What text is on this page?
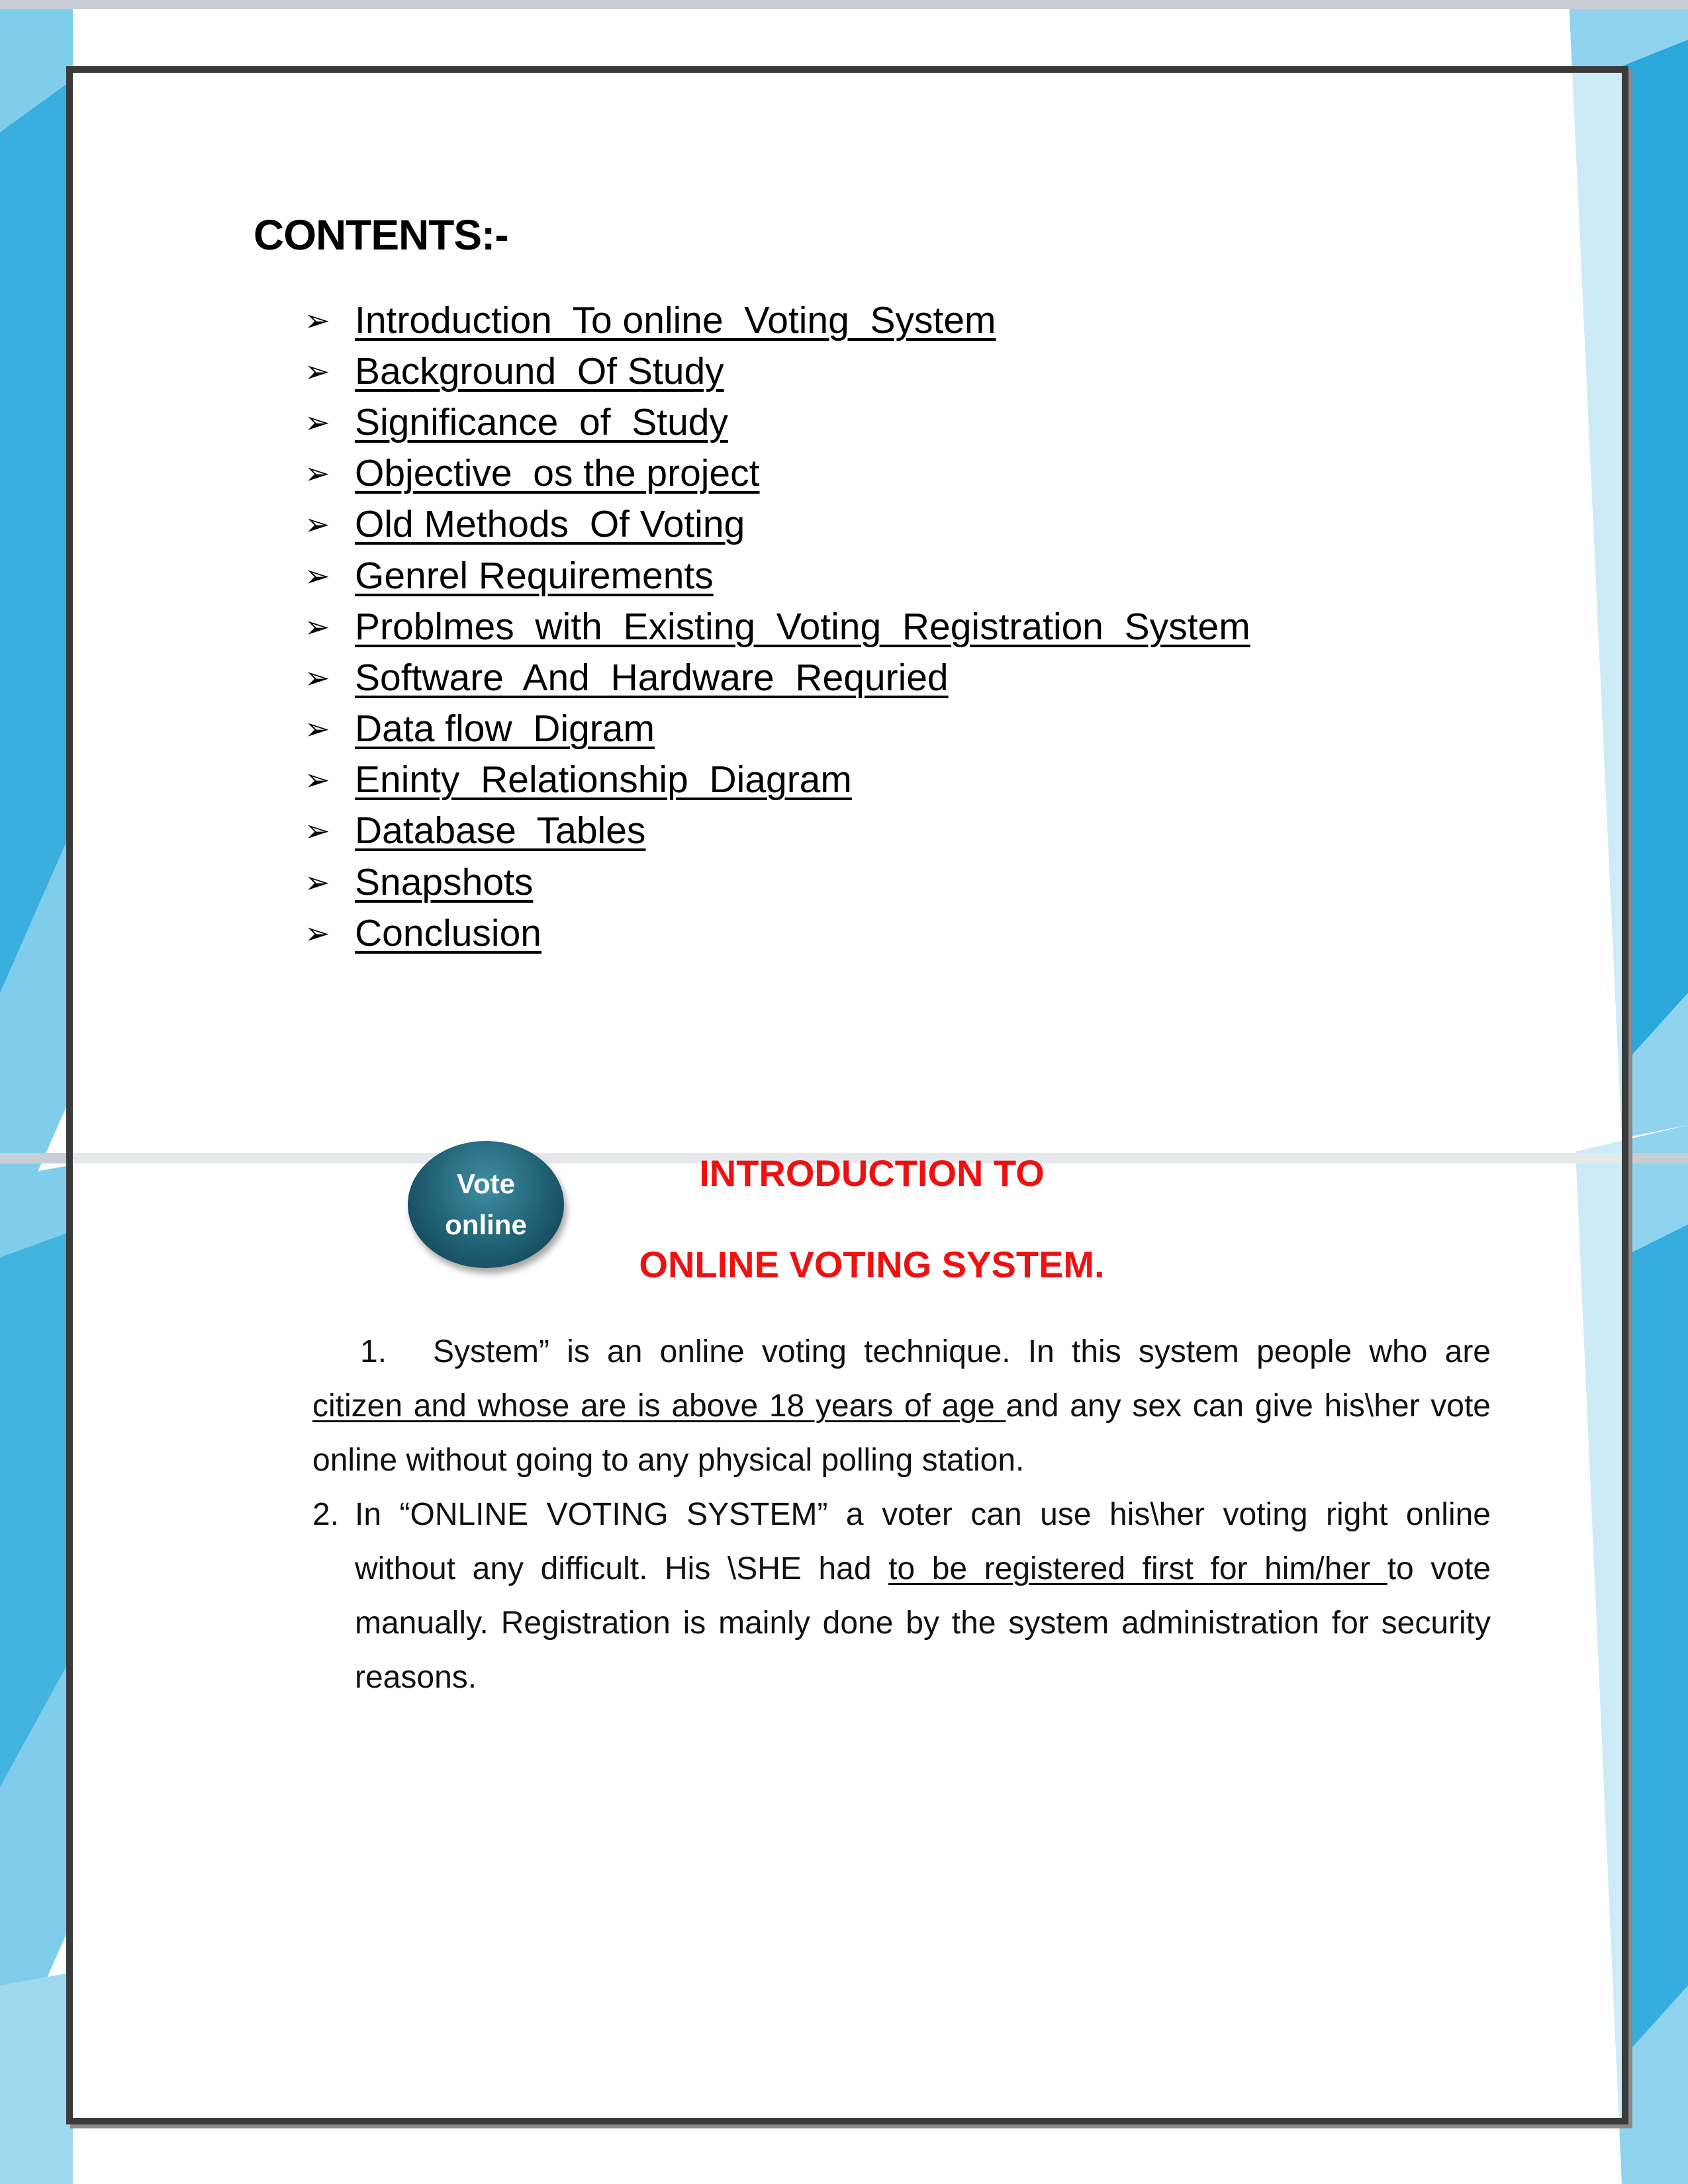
CONTENTS:-
➢ Introduction  To online  Voting  System
➢ Background  Of Study
➢ Significance  of  Study
➢ Objective  os the project
➢ Old Methods  Of Voting
➢ Genrel Requirements
➢ Problmes  with  Existing  Voting  Registration  System
➢ Software  And  Hardware  Requried
➢ Data flow  Digram
➢ Eninty  Relationship  Diagram
➢ Database  Tables
➢ Snapshots
➢ Conclusion
Vote
online
INTRODUCTION TO
ONLINE VOTING SYSTEM.
1. System” is an online voting technique. In this system people who are citizen and whose are is above 18 years of age and any sex can give his\her vote online without going to any physical polling station.
2. In “ONLINE VOTING SYSTEM” a voter can use his\her voting right online without any difficult. His \SHE had to be registered first for him/her to vote manually. Registration is mainly done by the system administration for security reasons.
